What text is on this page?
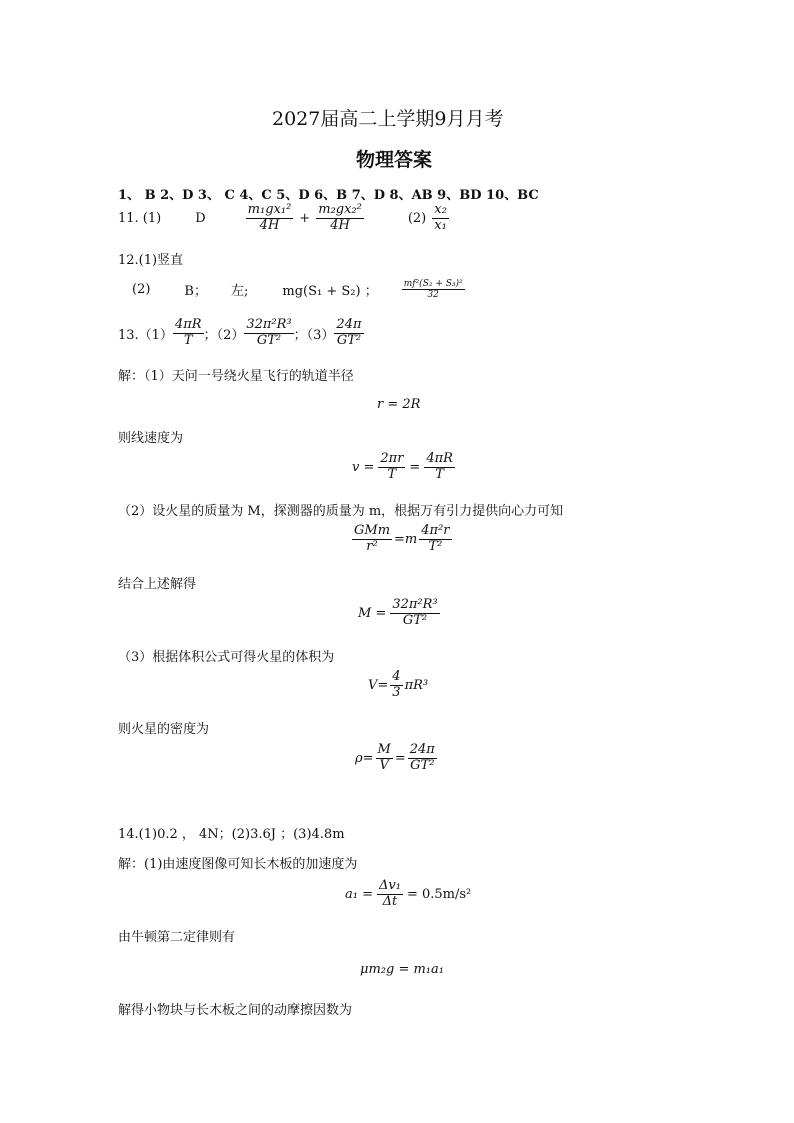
2027届高二上学期9月月考
物理答案
1、 B 2、D 3、 C 4、C 5、D 6、B 7、D 8、AB 9、BD 10、BC
11. (1)	D	$\frac{\text{m₁gx₁²}}{4H} + \frac{\text{m₂gx₂²}}{4H}$	$(2) \frac{\text{x₂}}{\text{x₁}}$
12.(1)竖直
(2)	B； 左;	mg(S₁ + S₂) ；	$\frac{\text{mf²(S₂ + S₃)²}}{32}$
$13.(1) \frac{4\pi R}{T}$ ；$(2) \frac{\text{32π²R³}}{\text{GT²}}$ ；$(3) \frac{24\pi}{\text{GT²}}$
解：（1）天问一号绕火星飞行的轨道半径
r = 2R
则线速度为
$v = \frac{2\pi r}{T} = \frac{4\pi R}{T}$
（2）设火星的质量为 M，探测器的质量为 m，根据万有引力提供向心力可知
$\frac{\text{GMm}}{\text{r²}} =m \frac{\text{4π²r}}{\text{T²}}$
结合上述解得
$M = \frac{\text{32π²R³}}{\text{GT²}}$
（3）根据体积公式可得火星的体积为
$V= \frac{4}{3} \pi R^3$
则火星的密度为
$\rho= \frac{M}{V} = \frac{24\pi}{\text{GT²}}$
14.(1)0.2 ， 4N；(2)3.6J ；(3)4.8m
解：(1)由速度图像可知长木板的加速度为
$a_1 = \frac{\text{Δv₁}}{\Delta t} = 0.5m/s^2$
由牛顿第二定律则有
μm₂g = m₁a₁
解得小物块与长木板之间的动摩擦因数为
